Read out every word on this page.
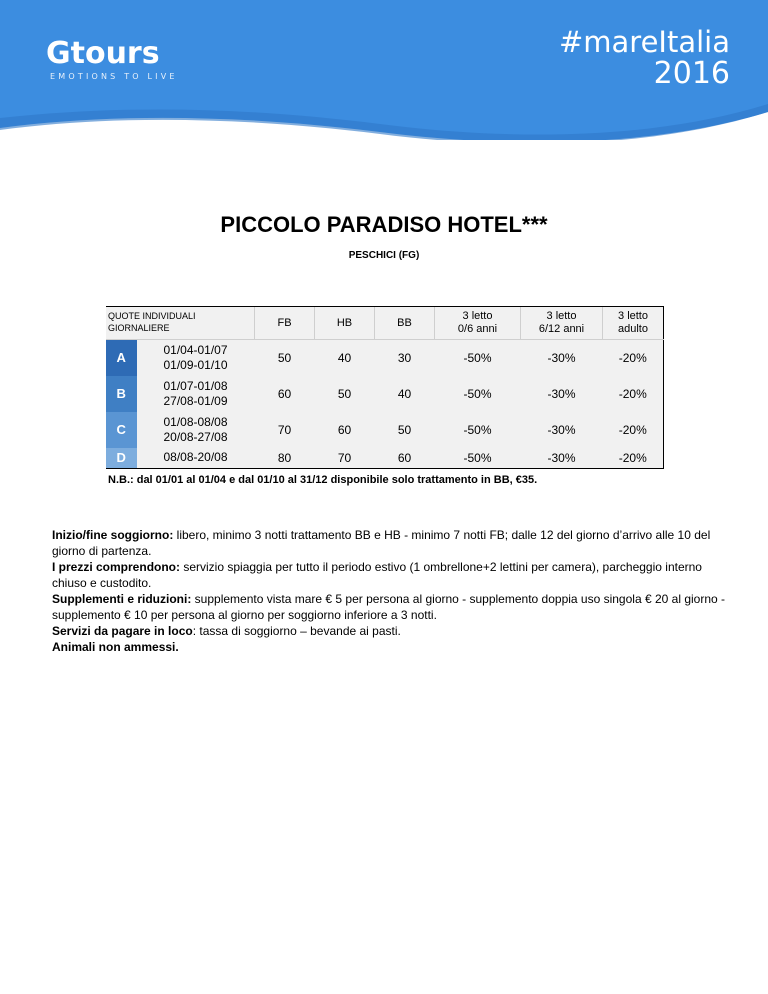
Gtours
EMOTIONS TO LIVE
#mareItalia
2016
PICCOLO PARADISO HOTEL***
PESCHICI (FG)
QUOTE INDIVIDUALI GIORNALIERE		FB	HB	BB	3 letto
0/6 anni	3 letto
6/12 anni	3 letto
adulto
A	01/04-01/07
01/09-01/10	50	40	30	-50%	-30%	-20%
B	01/07-01/08
27/08-01/09	60	50	40	-50%	-30%	-20%
C	01/08-08/08
20/08-27/08	70	60	50	-50%	-30%	-20%
D	08/08-20/08	80	70	60	-50%	-30%	-20%
N.B.: dal 01/01 al 01/04 e dal 01/10 al 31/12 disponibile solo trattamento in BB, €35.

Inizio/fine soggiorno: libero, minimo 3 notti trattamento BB e HB - minimo 7 notti FB; dalle 12 del giorno d’arrivo alle 10 del giorno di partenza.

I prezzi comprendono: servizio spiaggia per tutto il periodo estivo (1 ombrellone+2 lettini per camera), parcheggio interno chiuso e custodito.

Supplementi e riduzioni: supplemento vista mare € 5 per persona al giorno - supplemento doppia uso singola € 20 al giorno - supplemento € 10 per persona al giorno per soggiorno inferiore a 3 notti.

Servizi da pagare in loco: tassa di soggiorno – bevande ai pasti.

Animali non ammessi.
